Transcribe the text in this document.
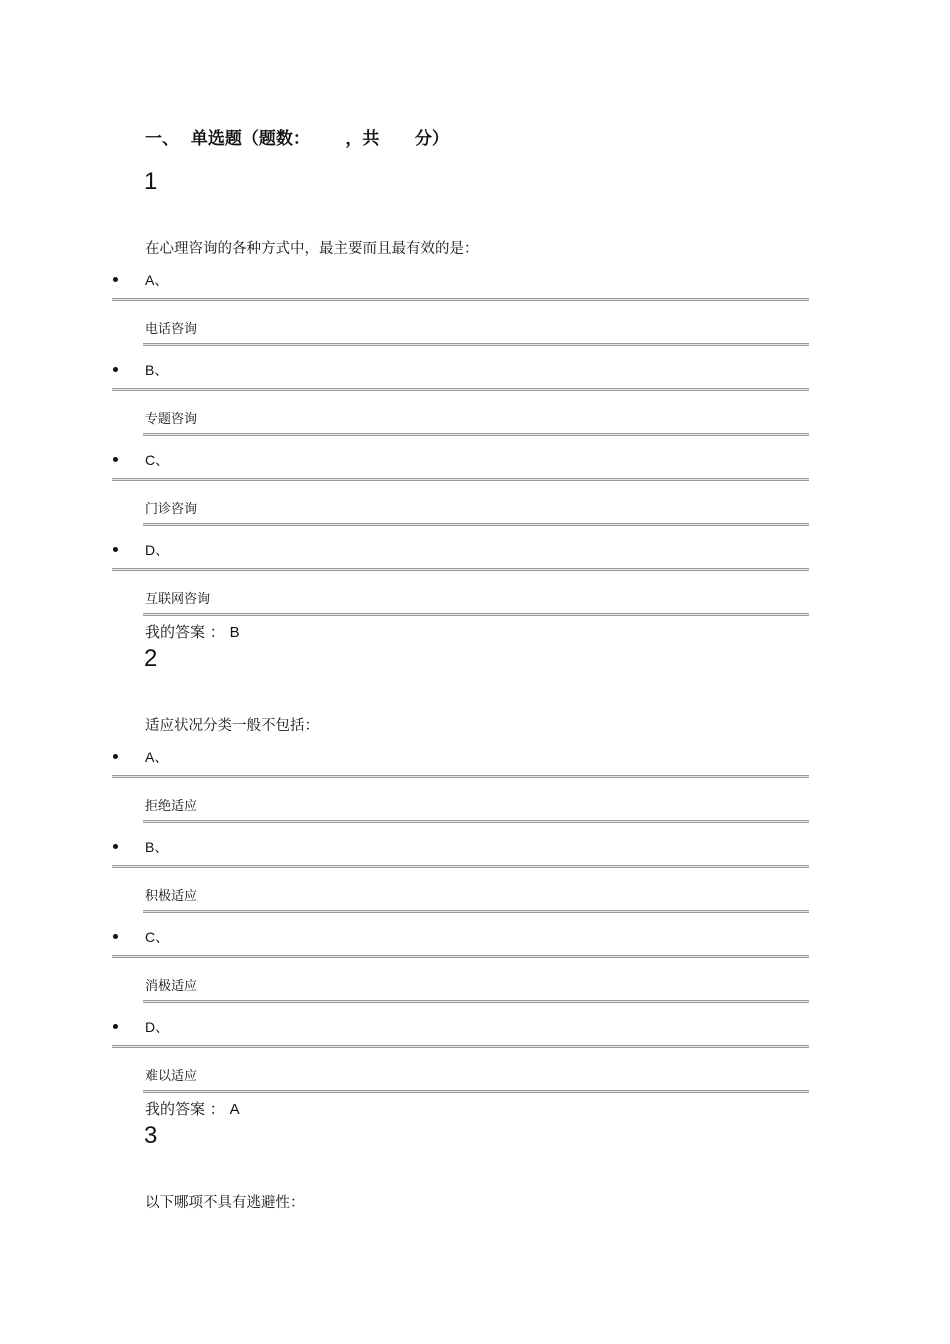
一、  单选题（题数：      ，共      分）
1
在心理咨询的各种方式中，最主要而且最有效的是：
A、
电话咨询
B、
专题咨询
C、
门诊咨询
D、
互联网咨询
我的答案 ： B
2
适应状况分类一般不包括：
A、
拒绝适应
B、
积极适应
C、
消极适应
D、
难以适应
我的答案 ： A
3
以下哪项不具有逃避性：
